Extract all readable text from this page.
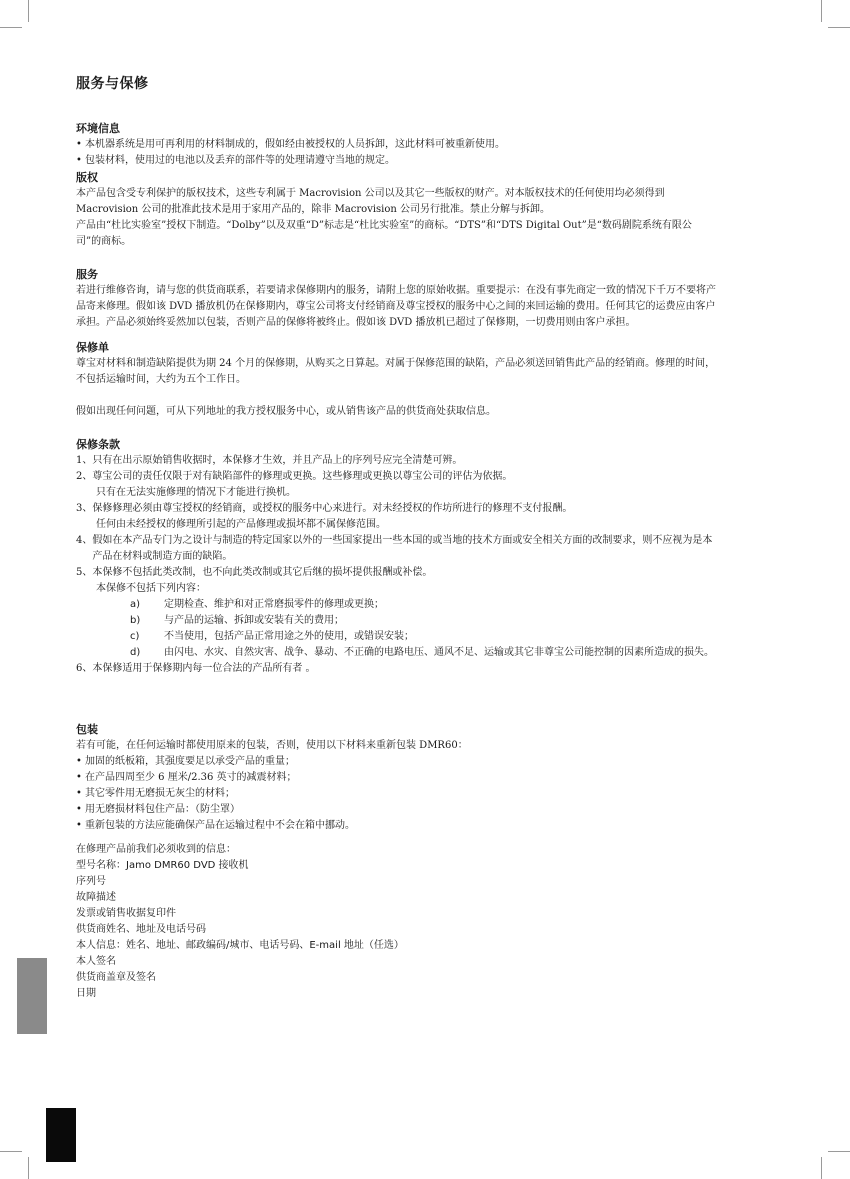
服务与保修
环境信息

• 本机器系统是用可再利用的材料制成的，假如经由被授权的人员拆卸，这此材料可被重新使用。

• 包装材料，使用过的电池以及丢弃的部件等的处理请遵守当地的规定。

版权

本产品包含受专利保护的版权技术，这些专利属于 Macrovision 公司以及其它一些版权的财产。对本版权技术的任何使用均必须得到 Macrovision 公司的批准此技术是用于家用产品的，除非 Macrovision 公司另行批准。禁止分解与拆卸。

产品由“杜比实验室”授权下制造。“Dolby”以及双重“D”标志是“杜比实验室”的商标。“DTS”和“DTS Digital Out”是“数码剧院系统有限公司”的商标。

服务

若进行维修咨询，请与您的供货商联系，若要请求保修期内的服务，请附上您的原始收据。重要提示：在没有事先商定一致的情况下千万不要将产品寄来修理。假如该 DVD 播放机仍在保修期内，尊宝公司将支付经销商及尊宝授权的服务中心之间的来回运输的费用。任何其它的运费应由客户承担。产品必须始终妥然加以包装，否则产品的保修将被终止。假如该 DVD 播放机已超过了保修期，一切费用则由客户承担。

保修单

尊宝对材料和制造缺陷提供为期 24 个月的保修期，从购买之日算起。对属于保修范围的缺陷，产品必须送回销售此产品的经销商。修理的时间，不包括运输时间，大约为五个工作日。

假如出现任何问题，可从下列地址的我方授权服务中心，或从销售该产品的供货商处获取信息。

保修条款
1、 只有在出示原始销售收据时，本保修才生效，并且产品上的序列号应完全清楚可辨。
2、 尊宝公司的责任仅限于对有缺陷部件的修理或更换。这些修理或更换以尊宝公司的评估为依据。

只有在无法实施修理的情况下才能进行换机。

3、 保修修理必须由尊宝授权的经销商，或授权的服务中心来进行。对未经授权的作坊所进行的修理不支付报酬。

任何由未经授权的修理所引起的产品修理或损坏都不属保修范围。

4、 假如在本产品专门为之设计与制造的特定国家以外的一些国家提出一些本国的或当地的技术方面或安全相关方面的改制要求，则不应视为是本产品在材料或制造方面的缺陷。
5、 本保修不包括此类改制，也不向此类改制或其它后继的损坏提供报酬或补偿。

本保修不包括下列内容：

a)	定期检查、维护和对正常磨损零件的修理或更换；
b)	与产品的运输、拆卸或安装有关的费用；
c)	不当使用，包括产品正常用途之外的使用，或错误安装；
d)	由闪电、水灾、自然灾害、战争、暴动、不正确的电路电压、通风不足、运输或其它非尊宝公司能控制的因素所造成的损失。
6、 本保修适用于保修期内每一位合法的产品所有者 。
包装

若有可能，在任何运输时都使用原来的包装，否则，使用以下材料来重新包装 DMR60：

• 加固的纸板箱，其强度要足以承受产品的重量；

• 在产品四周至少 6 厘米/2.36 英寸的减震材料；

• 其它零件用无磨损无灰尘的材料；

• 用无磨损材料包住产品：（防尘罩）

• 重新包装的方法应能确保产品在运输过程中不会在箱中挪动。

在修理产品前我们必须收到的信息：

型号名称：Jamo DMR60 DVD 接收机

序列号

故障描述

发票或销售收据复印件

供货商姓名、地址及电话号码

本人信息：姓名、地址、邮政编码/城市、电话号码、E-mail 地址（任选）

本人签名

供货商盖章及签名

日期
